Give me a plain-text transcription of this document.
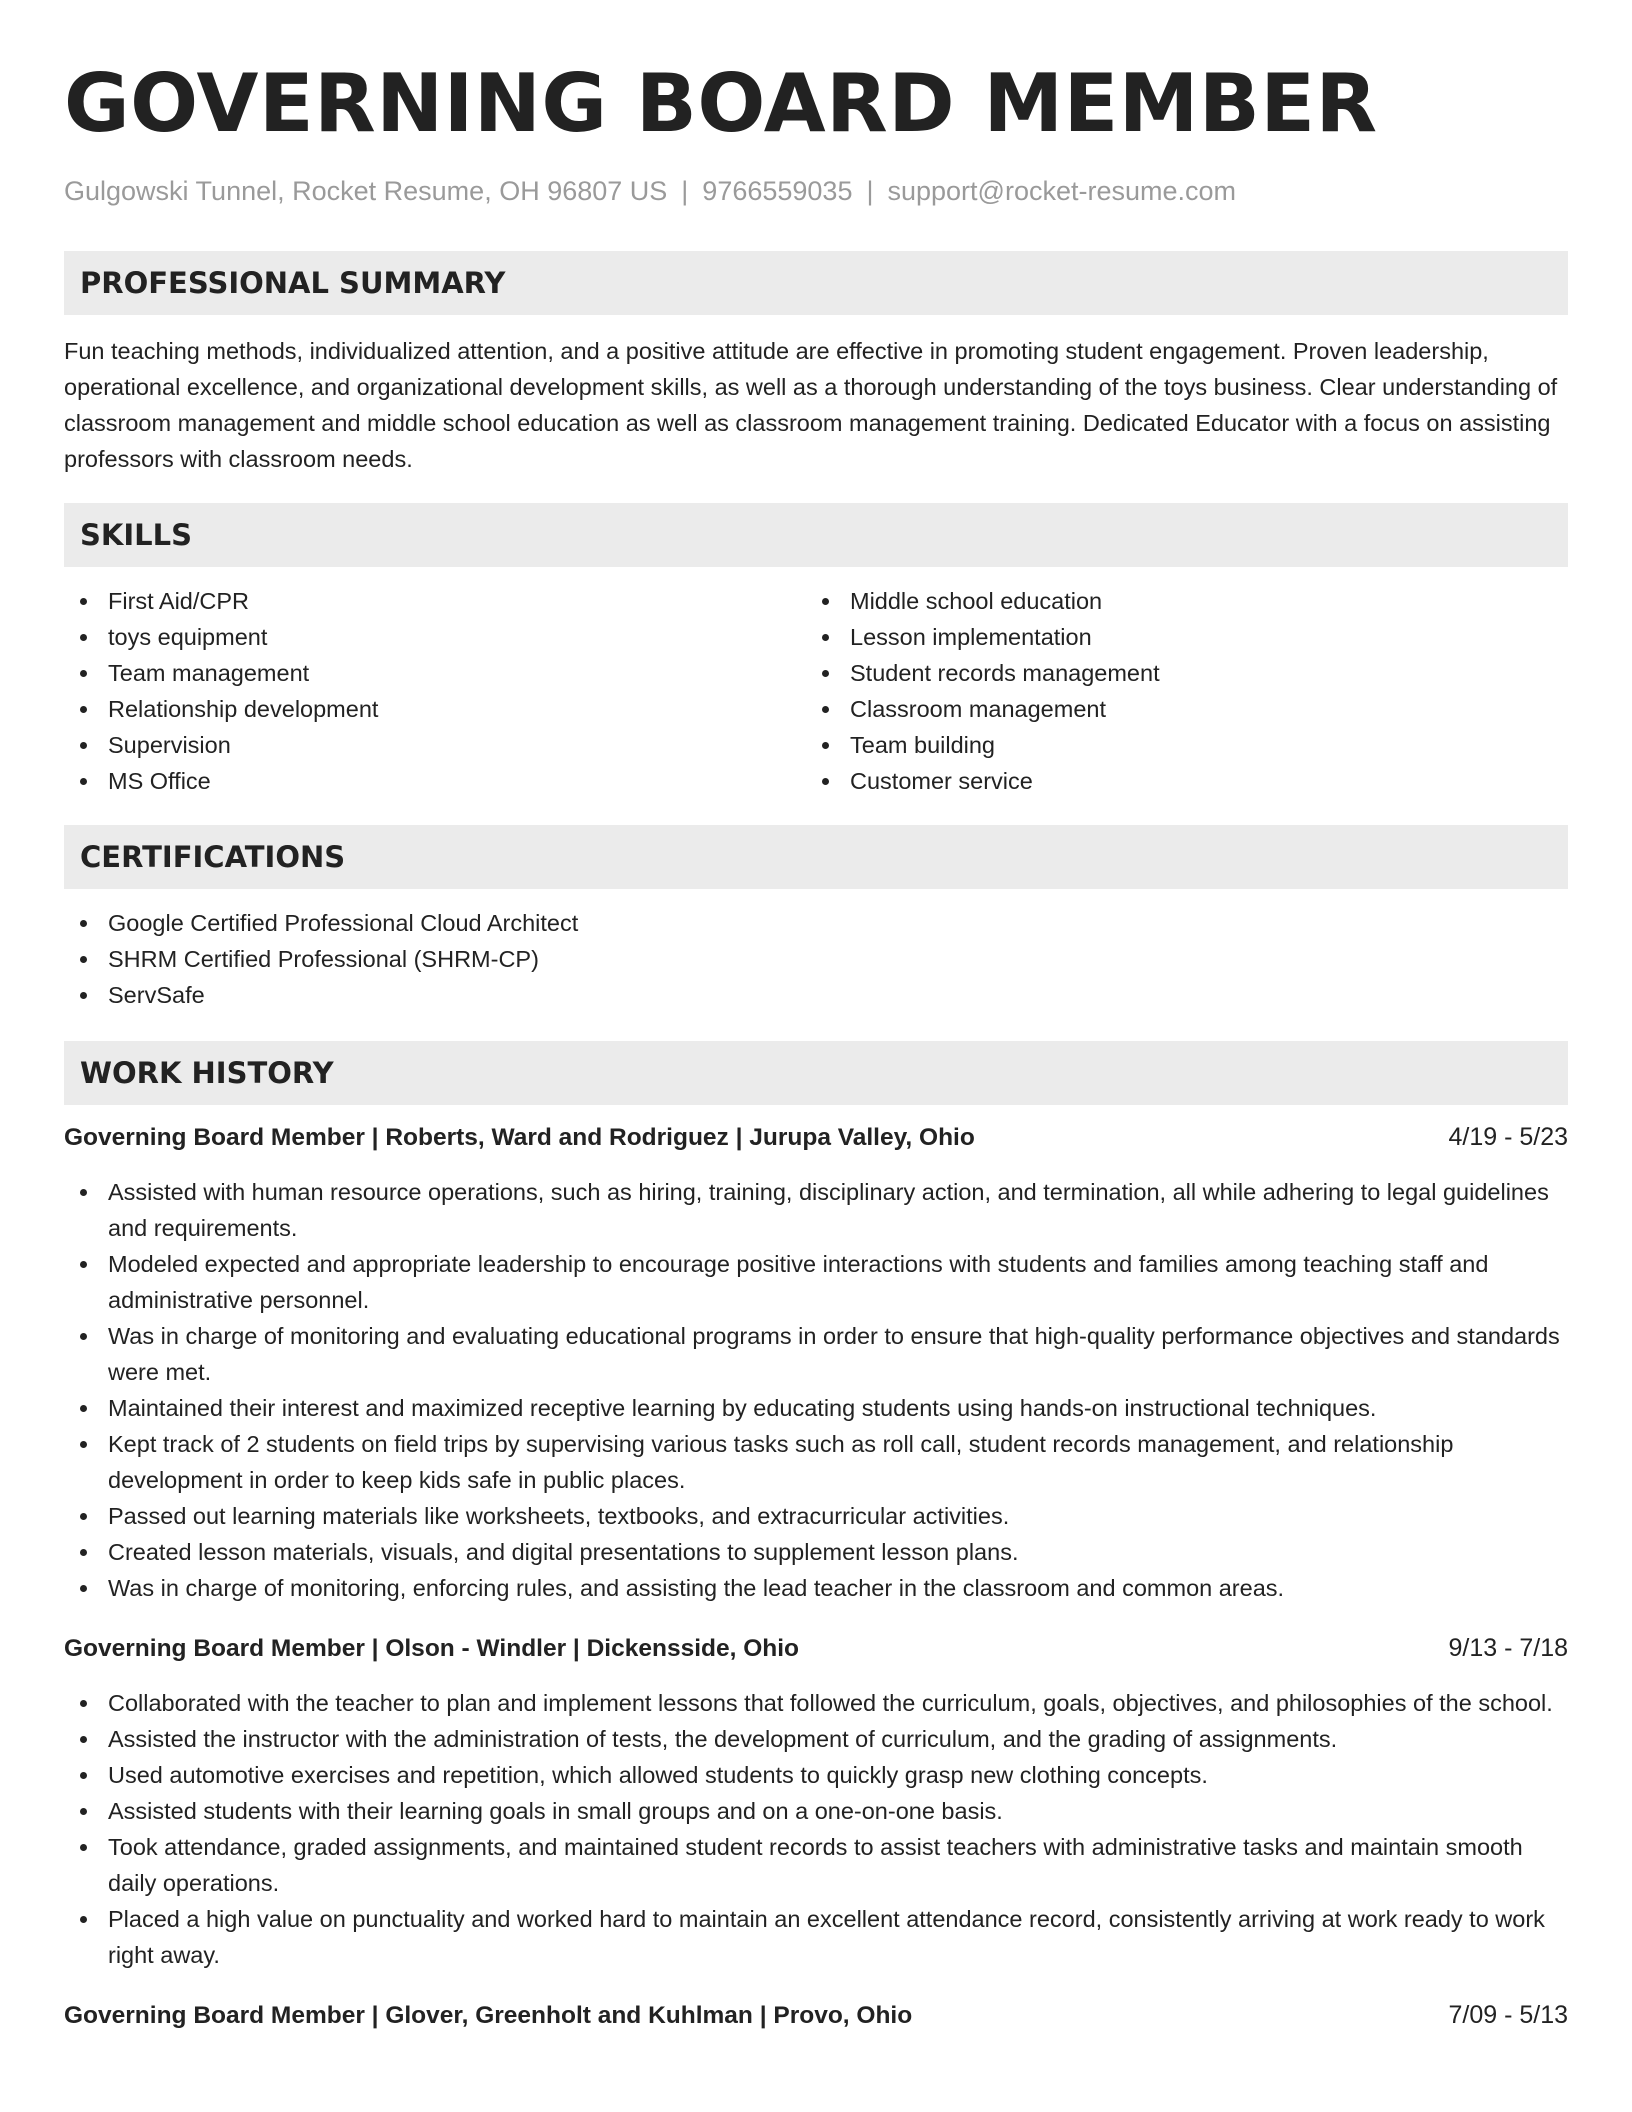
GOVERNING BOARD MEMBER
Gulgowski Tunnel, Rocket Resume, OH 96807 US | 9766559035 | support@rocket-resume.com
PROFESSIONAL SUMMARY

Fun teaching methods, individualized attention, and a positive attitude are effective in promoting student engagement. Proven leadership, operational excellence, and organizational development skills, as well as a thorough understanding of the toys business. Clear understanding of classroom management and middle school education as well as classroom management training. Dedicated Educator with a focus on assisting professors with classroom needs.

SKILLS
First Aid/CPR
toys equipment
Team management
Relationship development
Supervision
MS Office
Middle school education
Lesson implementation
Student records management
Classroom management
Team building
Customer service
CERTIFICATIONS
Google Certified Professional Cloud Architect
SHRM Certified Professional (SHRM-CP)
ServSafe
WORK HISTORY
Governing Board Member | Roberts, Ward and Rodriguez | Jurupa Valley, Ohio	4/19 - 5/23
Assisted with human resource operations, such as hiring, training, disciplinary action, and termination, all while adhering to legal guidelines and requirements.
Modeled expected and appropriate leadership to encourage positive interactions with students and families among teaching staff and administrative personnel.
Was in charge of monitoring and evaluating educational programs in order to ensure that high-quality performance objectives and standards were met.
Maintained their interest and maximized receptive learning by educating students using hands-on instructional techniques.
Kept track of 2 students on field trips by supervising various tasks such as roll call, student records management, and relationship development in order to keep kids safe in public places.
Passed out learning materials like worksheets, textbooks, and extracurricular activities.
Created lesson materials, visuals, and digital presentations to supplement lesson plans.
Was in charge of monitoring, enforcing rules, and assisting the lead teacher in the classroom and common areas.
Governing Board Member | Olson - Windler | Dickensside, Ohio	9/13 - 7/18
Collaborated with the teacher to plan and implement lessons that followed the curriculum, goals, objectives, and philosophies of the school.
Assisted the instructor with the administration of tests, the development of curriculum, and the grading of assignments.
Used automotive exercises and repetition, which allowed students to quickly grasp new clothing concepts.
Assisted students with their learning goals in small groups and on a one-on-one basis.
Took attendance, graded assignments, and maintained student records to assist teachers with administrative tasks and maintain smooth daily operations.
Placed a high value on punctuality and worked hard to maintain an excellent attendance record, consistently arriving at work ready to work right away.
Governing Board Member | Glover, Greenholt and Kuhlman | Provo, Ohio	7/09 - 5/13
